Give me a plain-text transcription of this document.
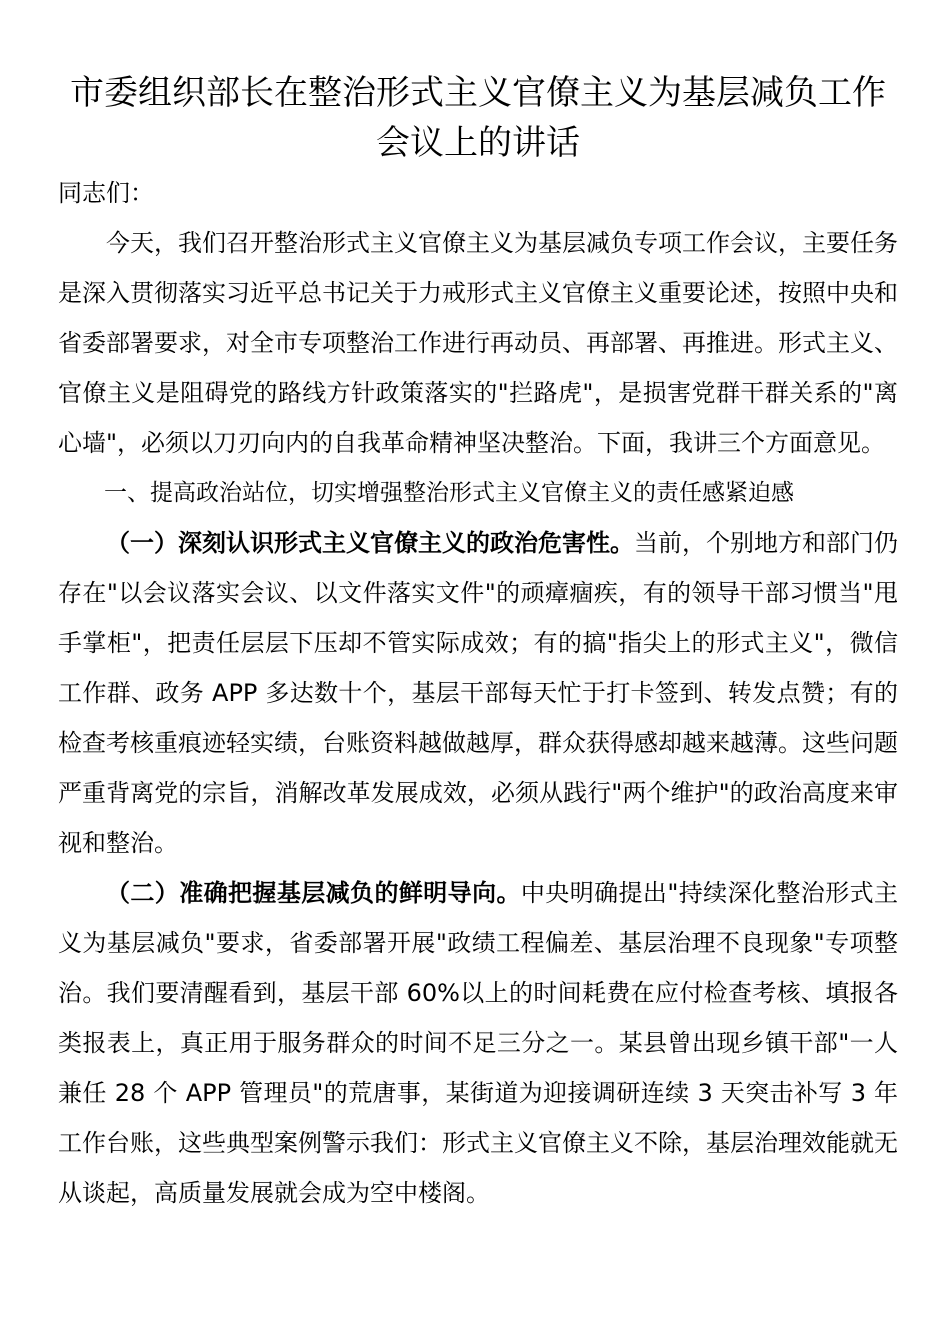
市委组织部长在整治形式主义官僚主义为基层减负工作会议上的讲话

同志们：

今天，我们召开整治形式主义官僚主义为基层减负专项工作会议，主要任务是深入贯彻落实习近平总书记关于力戒形式主义官僚主义重要论述，按照中央和省委部署要求，对全市专项整治工作进行再动员、再部署、再推进。形式主义、官僚主义是阻碍党的路线方针政策落实的"拦路虎"，是损害党群干群关系的"离心墙"，必须以刀刃向内的自我革命精神坚决整治。下面，我讲三个方面意见。

一、提高政治站位，切实增强整治形式主义官僚主义的责任感紧迫感

（一）深刻认识形式主义官僚主义的政治危害性。当前，个别地方和部门仍存在"以会议落实会议、以文件落实文件"的顽瘴痼疾，有的领导干部习惯当"甩手掌柜"，把责任层层下压却不管实际成效；有的搞"指尖上的形式主义"，微信工作群、政务 APP 多达数十个，基层干部每天忙于打卡签到、转发点赞；有的检查考核重痕迹轻实绩，台账资料越做越厚，群众获得感却越来越薄。这些问题严重背离党的宗旨，消解改革发展成效，必须从践行"两个维护"的政治高度来审视和整治。

（二）准确把握基层减负的鲜明导向。中央明确提出"持续深化整治形式主义为基层减负"要求，省委部署开展"政绩工程偏差、基层治理不良现象"专项整治。我们要清醒看到，基层干部 60%以上的时间耗费在应付检查考核、填报各类报表上，真正用于服务群众的时间不足三分之一。某县曾出现乡镇干部"一人兼任 28 个 APP 管理员"的荒唐事，某街道为迎接调研连续 3 天突击补写 3 年工作台账，这些典型案例警示我们：形式主义官僚主义不除，基层治理效能就无从谈起，高质量发展就会成为空中楼阁。
